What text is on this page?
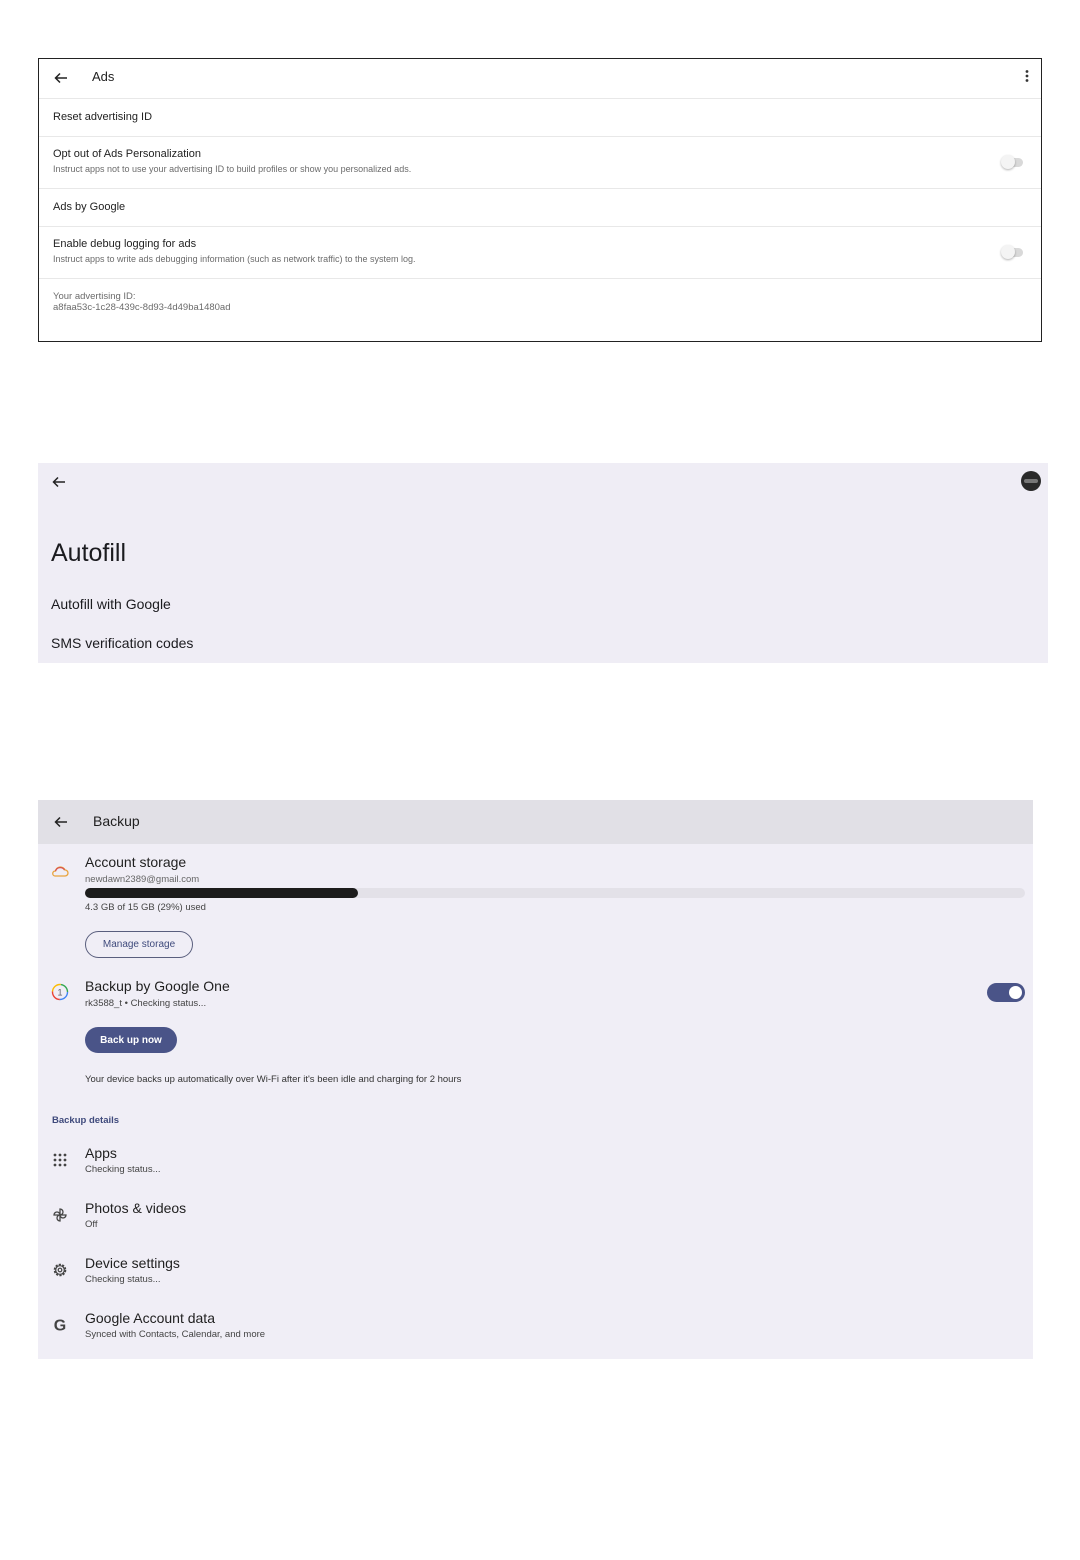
Ads
Reset advertising ID
Opt out of Ads Personalization
Instruct apps not to use your advertising ID to build profiles or show you personalized ads.
Ads by Google
Enable debug logging for ads
Instruct apps to write ads debugging information (such as network traffic) to the system log.
Your advertising ID:
a8faa53c-1c28-439c-8d93-4d49ba1480ad
Autofill
Autofill with Google
SMS verification codes
Backup
Account storage
newdawn2389@gmail.com
4.3 GB of 15 GB (29%) used
Manage storage
1 Backup by Google One
rk3588_t • Checking status...
Back up now
Your device backs up automatically over Wi-Fi after it's been idle and charging for 2 hours
Backup details
Apps
Checking status...
Photos & videos
Off
Device settings
Checking status...
G Google Account data
Synced with Contacts, Calendar, and more
